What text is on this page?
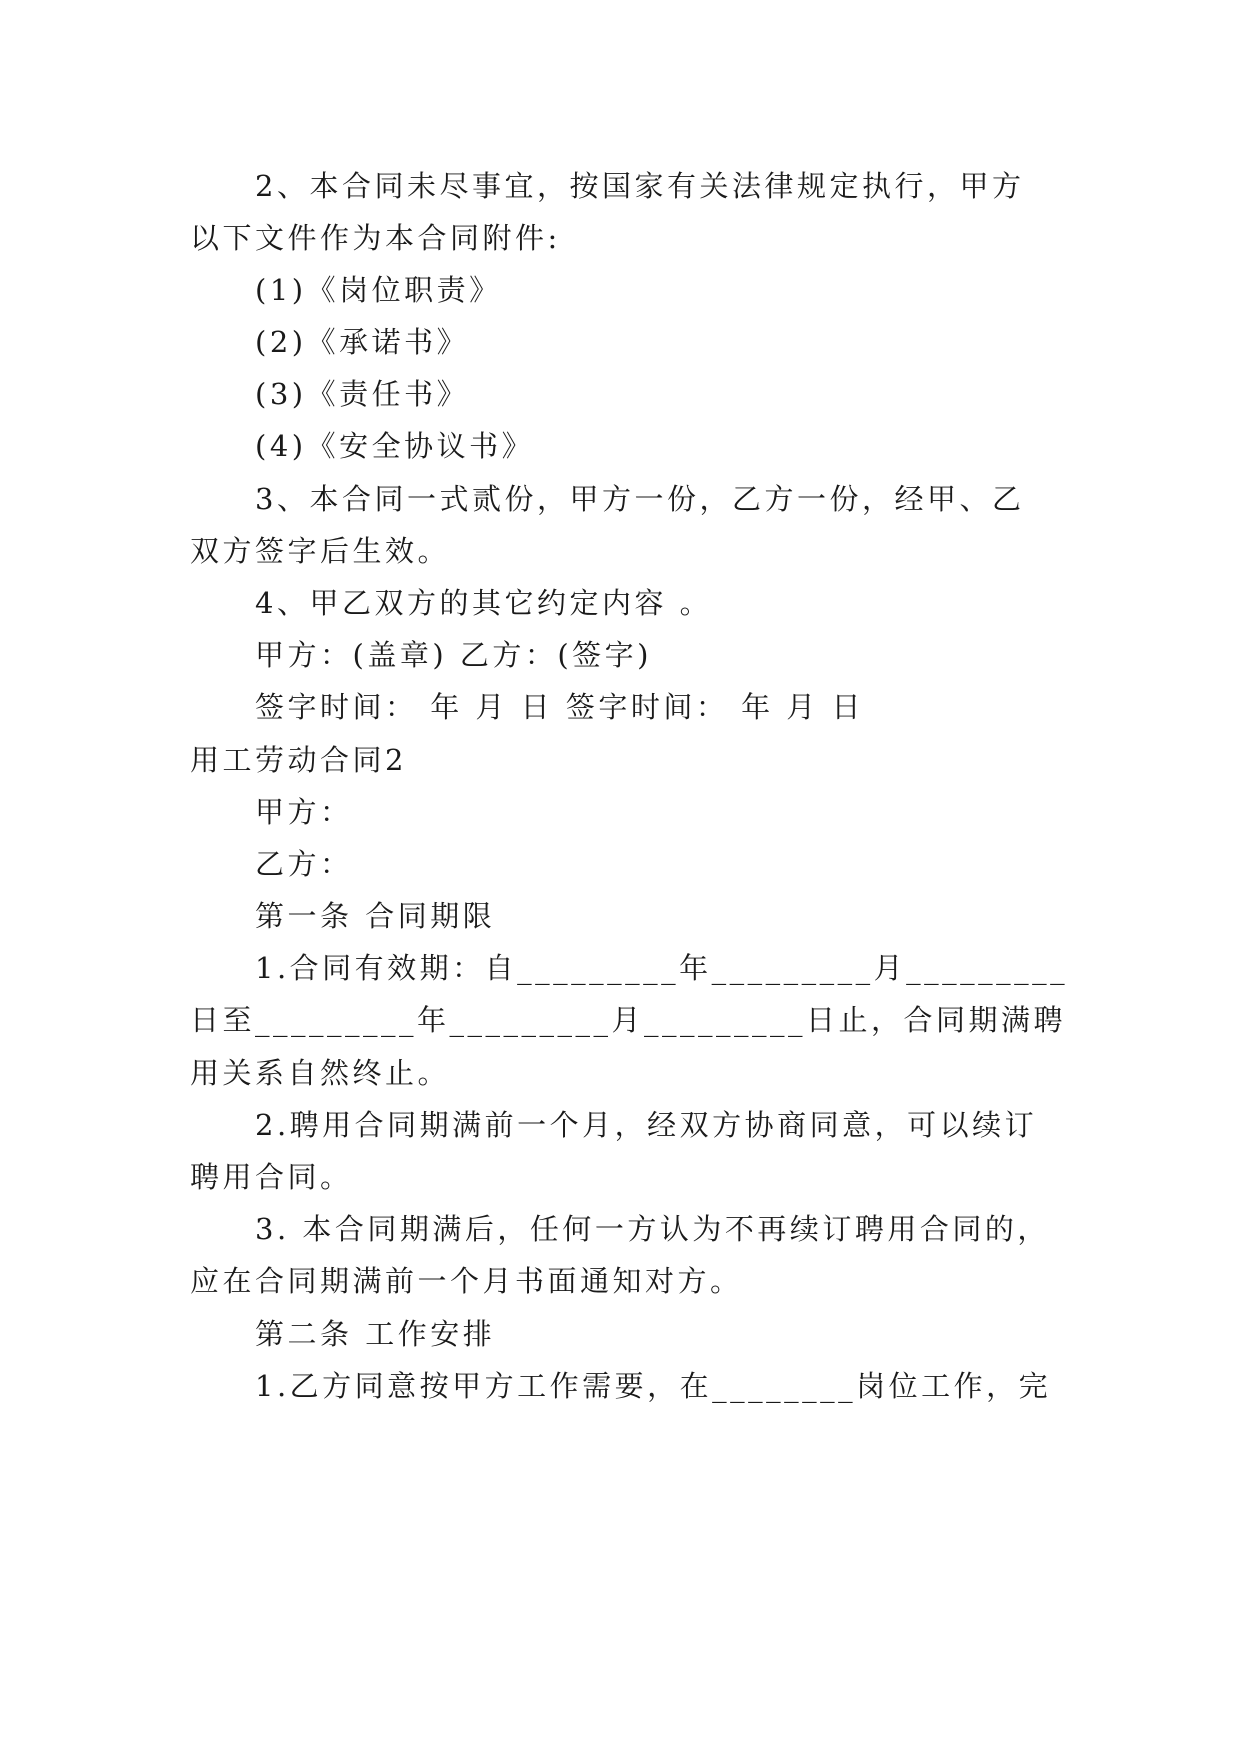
2、本合同未尽事宜，按国家有关法律规定执行，甲方
以下文件作为本合同附件:
(1)《岗位职责》
(2)《承诺书》
(3)《责任书》
(4)《安全协议书》
3、本合同一式贰份，甲方一份，乙方一份，经甲、乙
双方签字后生效。
4、甲乙双方的其它约定内容 。
甲方：(盖章) 乙方：(签字)
签字时间： 年 月 日 签字时间： 年 月 日
用工劳动合同2
甲方：
乙方：
第一条 合同期限
1.合同有效期：自_________年_________月_________
日至_________年_________月_________日止，合同期满聘
用关系自然终止。
2.聘用合同期满前一个月，经双方协商同意，可以续订
聘用合同。
3. 本合同期满后，任何一方认为不再续订聘用合同的，
应在合同期满前一个月书面通知对方。
第二条 工作安排
1.乙方同意按甲方工作需要，在________岗位工作，完
